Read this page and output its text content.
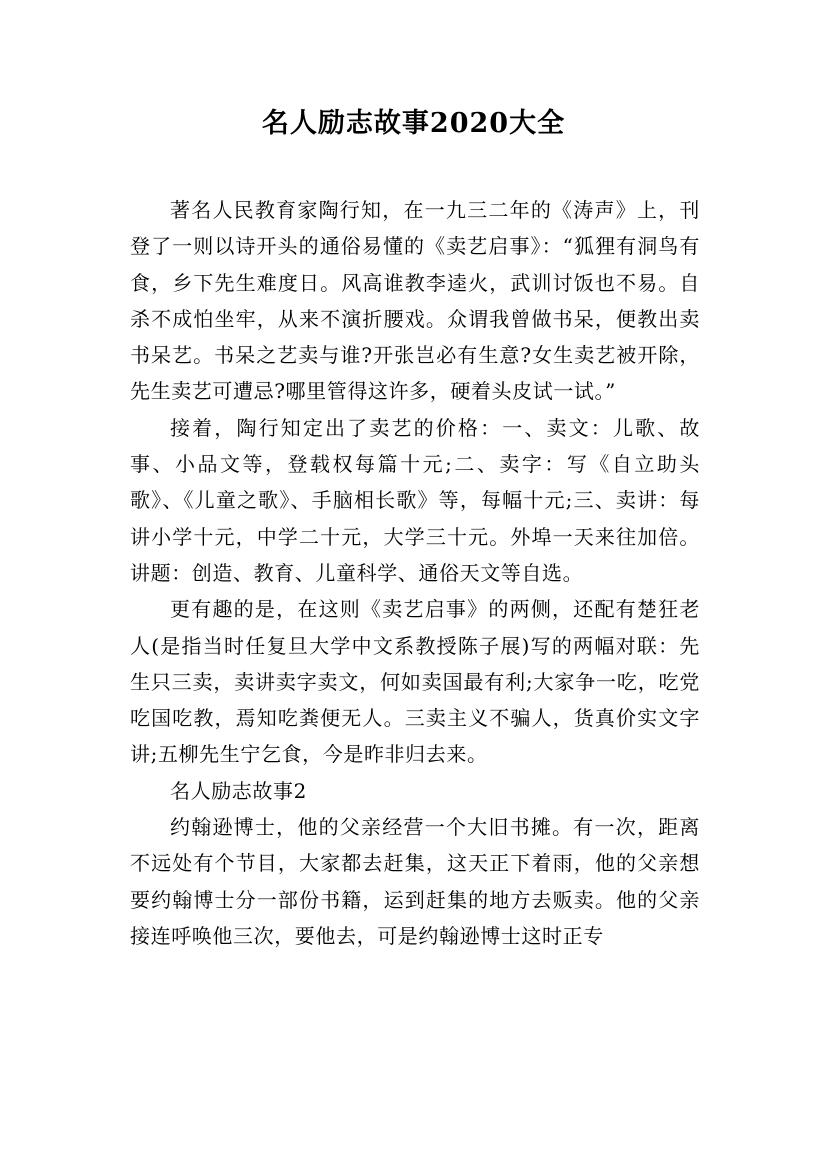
名人励志故事2020大全

著名人民教育家陶行知，在一九三二年的《涛声》上，刊登了一则以诗开头的通俗易懂的《卖艺启事》：“狐狸有洞鸟有食，乡下先生难度日。风高谁教李逵火，武训讨饭也不易。自杀不成怕坐牢，从来不演折腰戏。众谓我曾做书呆，便教出卖书呆艺。书呆之艺卖与谁?开张岂必有生意?女生卖艺被开除，先生卖艺可遭忌?哪里管得这许多，硬着头皮试一试。”

接着，陶行知定出了卖艺的价格：一、卖文：儿歌、故事、小品文等，登载权每篇十元;二、卖字：写《自立助头歌》、《儿童之歌》、手脑相长歌》等，每幅十元;三、卖讲：每讲小学十元，中学二十元，大学三十元。外埠一天来往加倍。讲题：创造、教育、儿童科学、通俗天文等自选。

更有趣的是，在这则《卖艺启事》的两侧，还配有楚狂老人(是指当时任复旦大学中文系教授陈子展)写的两幅对联：先生只三卖，卖讲卖字卖文，何如卖国最有利;大家争一吃，吃党吃国吃教，焉知吃粪便无人。三卖主义不骗人，货真价实文字讲;五柳先生宁乞食，今是昨非归去来。

名人励志故事2

约翰逊博士，他的父亲经营一个大旧书摊。有一次，距离不远处有个节目，大家都去赶集，这天正下着雨，他的父亲想要约翰博士分一部份书籍，运到赶集的地方去贩卖。他的父亲接连呼唤他三次，要他去，可是约翰逊博士这时正专
